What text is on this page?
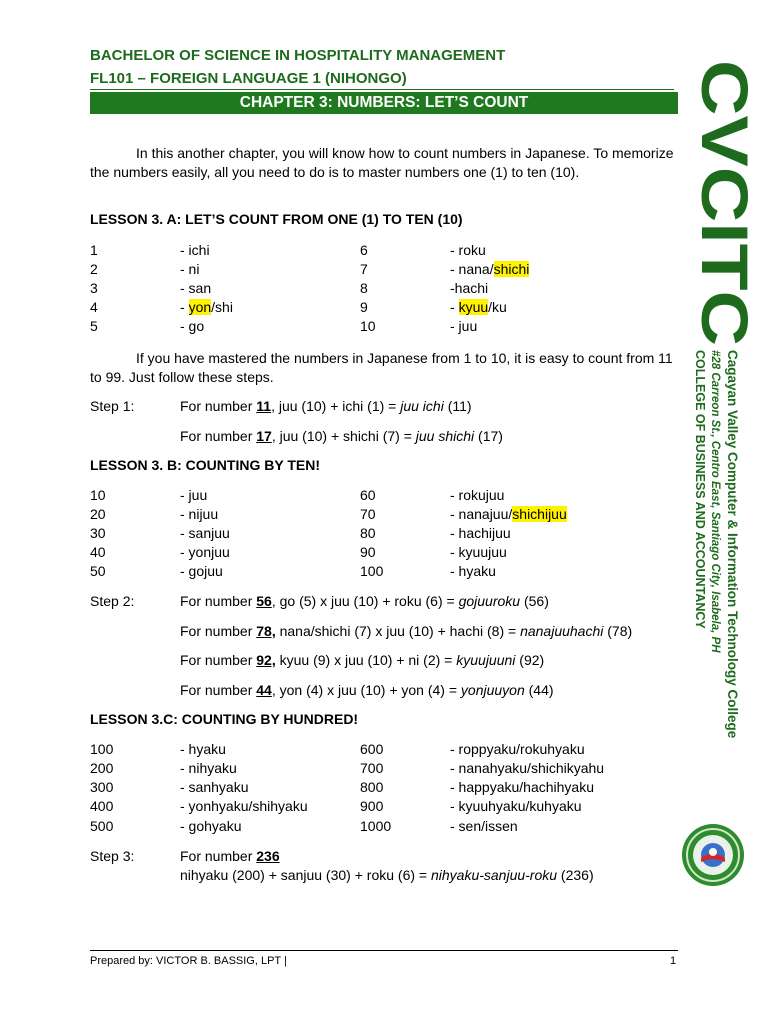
BACHELOR OF SCIENCE IN HOSPITALITY MANAGEMENT
FL101 – FOREIGN LANGUAGE 1 (NIHONGO)
CHAPTER 3: NUMBERS: LET’S COUNT
In this another chapter, you will know how to count numbers in Japanese. To memorize the numbers easily, all you need to do is to master numbers one (1) to ten (10).
LESSON 3. A: LET’S COUNT FROM ONE (1) TO TEN (10)
1	- ichi	6	- roku
2	- ni	7	- nana/shichi
3	- san	8	-hachi
4	- yon/shi	9	- kyuu/ku
5	- go	10	- juu
If you have mastered the numbers in Japanese from 1 to 10, it is easy to count from 11 to 99. Just follow these steps.
Step 1:	For number 11, juu (10) + ichi (1) = juu ichi (11)
For number 17, juu (10) + shichi (7) = juu shichi (17)
LESSON 3. B: COUNTING BY TEN!
10	- juu	60	- rokujuu
20	- nijuu	70	- nanajuu/shichijuu
30	- sanjuu	80	- hachijuu
40	- yonjuu	90	- kyuujuu
50	- gojuu	100	- hyaku
Step 2:	For number 56, go (5) x juu (10) + roku (6) = gojuuroku (56)
For number 78, nana/shichi (7) x juu (10) + hachi (8) = nanajuuhachi (78)
For number 92, kyuu (9) x juu (10) + ni (2) = kyuujuuni (92)
For number 44, yon (4) x juu (10) + yon (4) = yonjuuyon (44)
LESSON 3.C: COUNTING BY HUNDRED!
100	- hyaku	600	- roppyaku/rokuhyaku
200	- nihyaku	700	- nanahyaku/shichikyahu
300	- sanhyaku	800	- happyaku/hachihyaku
400	- yonhyaku/shihyaku	900	- kyuuhyaku/kuhyaku
500	- gohyaku	1000	- sen/issen
Step 3:	For number 236
nihyaku (200) + sanjuu (30) + roku (6) = nihyaku-sanjuu-roku (236)
Prepared by: VICTOR B. BASSIG, LPT |	1
CVCITC
Cagayan Valley Computer & Information Technology College
#28 Carreon St., Centro East, Santiago City, Isabela, PH
COLLEGE OF BUSINESS AND ACCOUNTANCY
